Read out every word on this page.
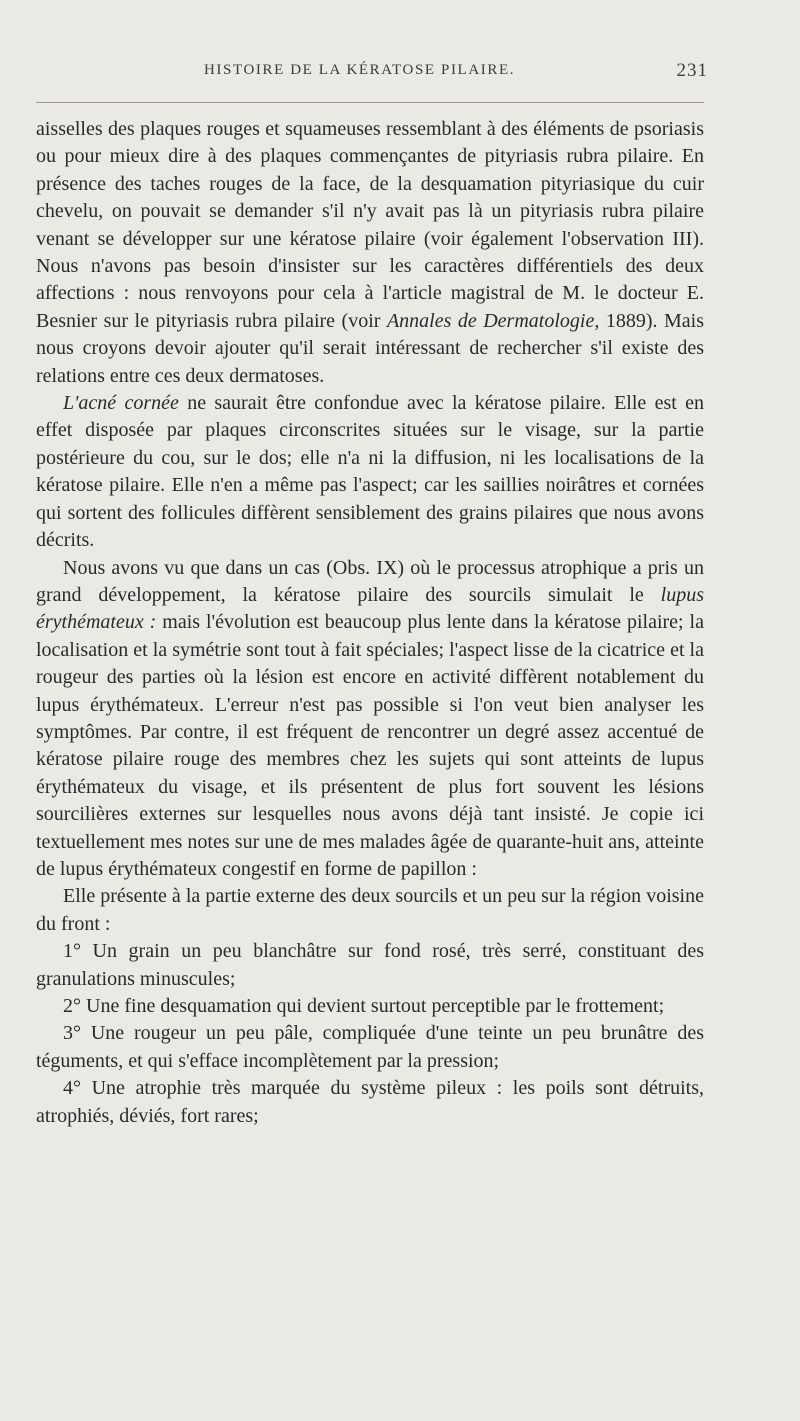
HISTOIRE DE LA KÉRATOSE PILAIRE.	231

aisselles des plaques rouges et squameuses ressemblant à des éléments de psoriasis ou pour mieux dire à des plaques commençantes de pityriasis rubra pilaire. En présence des taches rouges de la face, de la desquamation pityriasique du cuir chevelu, on pouvait se demander s'il n'y avait pas là un pityriasis rubra pilaire venant se développer sur une kératose pilaire (voir également l'observation III). Nous n'avons pas besoin d'insister sur les caractères différentiels des deux affections : nous renvoyons pour cela à l'article magistral de M. le docteur E. Besnier sur le pityriasis rubra pilaire (voir Annales de Dermatologie, 1889). Mais nous croyons devoir ajouter qu'il serait intéressant de rechercher s'il existe des relations entre ces deux dermatoses.

L'acné cornée ne saurait être confondue avec la kératose pilaire. Elle est en effet disposée par plaques circonscrites situées sur le visage, sur la partie postérieure du cou, sur le dos; elle n'a ni la diffusion, ni les localisations de la kératose pilaire. Elle n'en a même pas l'aspect; car les saillies noirâtres et cornées qui sortent des follicules diffèrent sensiblement des grains pilaires que nous avons décrits.

Nous avons vu que dans un cas (Obs. IX) où le processus atrophique a pris un grand développement, la kératose pilaire des sourcils simulait le lupus érythémateux : mais l'évolution est beaucoup plus lente dans la kératose pilaire; la localisation et la symétrie sont tout à fait spéciales; l'aspect lisse de la cicatrice et la rougeur des parties où la lésion est encore en activité diffèrent notablement du lupus érythémateux. L'erreur n'est pas possible si l'on veut bien analyser les symptômes. Par contre, il est fréquent de rencontrer un degré assez accentué de kératose pilaire rouge des membres chez les sujets qui sont atteints de lupus érythémateux du visage, et ils présentent de plus fort souvent les lésions sourcilières externes sur lesquelles nous avons déjà tant insisté. Je copie ici textuellement mes notes sur une de mes malades âgée de quarante-huit ans, atteinte de lupus érythémateux congestif en forme de papillon :

Elle présente à la partie externe des deux sourcils et un peu sur la région voisine du front :

1° Un grain un peu blanchâtre sur fond rosé, très serré, constituant des granulations minuscules;

2° Une fine desquamation qui devient surtout perceptible par le frottement;

3° Une rougeur un peu pâle, compliquée d'une teinte un peu brunâtre des téguments, et qui s'efface incomplètement par la pression;

4° Une atrophie très marquée du système pileux : les poils sont détruits, atrophiés, déviés, fort rares;
